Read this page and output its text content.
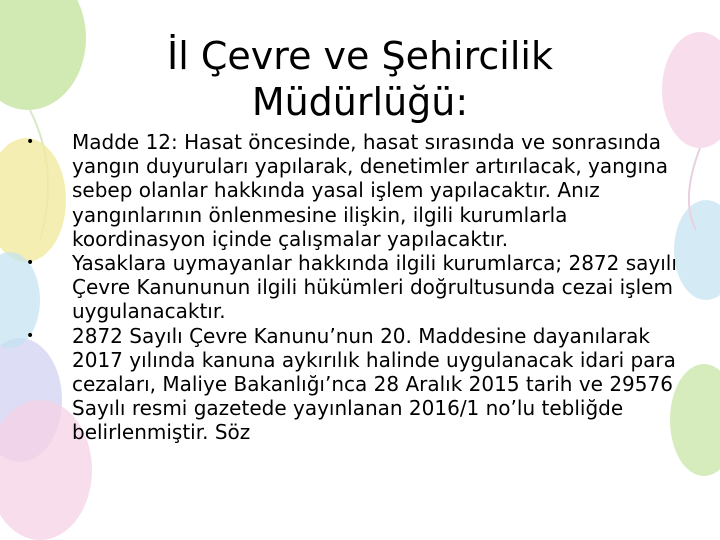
İl Çevre ve Şehircilik
Müdürlüğü:
•	Madde 12: Hasat öncesinde, hasat sırasında ve sonrasında yangın duyuruları yapılarak, denetimler artırılacak, yangına sebep olanlar hakkında yasal işlem yapılacaktır. Anız yangınlarının önlenmesine ilişkin, ilgili kurumlarla koordinasyon içinde çalışmalar yapılacaktır.
•	Yasaklara uymayanlar hakkında ilgili kurumlarca; 2872 sayılı Çevre Kanununun ilgili hükümleri doğrultusunda cezai işlem uygulanacaktır.
•	2872 Sayılı Çevre Kanunu’nun 20. Maddesine dayanılarak 2017 yılında kanuna aykırılık halinde uygulanacak idari para cezaları, Maliye Bakanlığı’nca 28 Aralık 2015 tarih ve 29576 Sayılı resmi gazetede yayınlanan 2016/1 no’lu tebliğde belirlenmiştir. Söz
